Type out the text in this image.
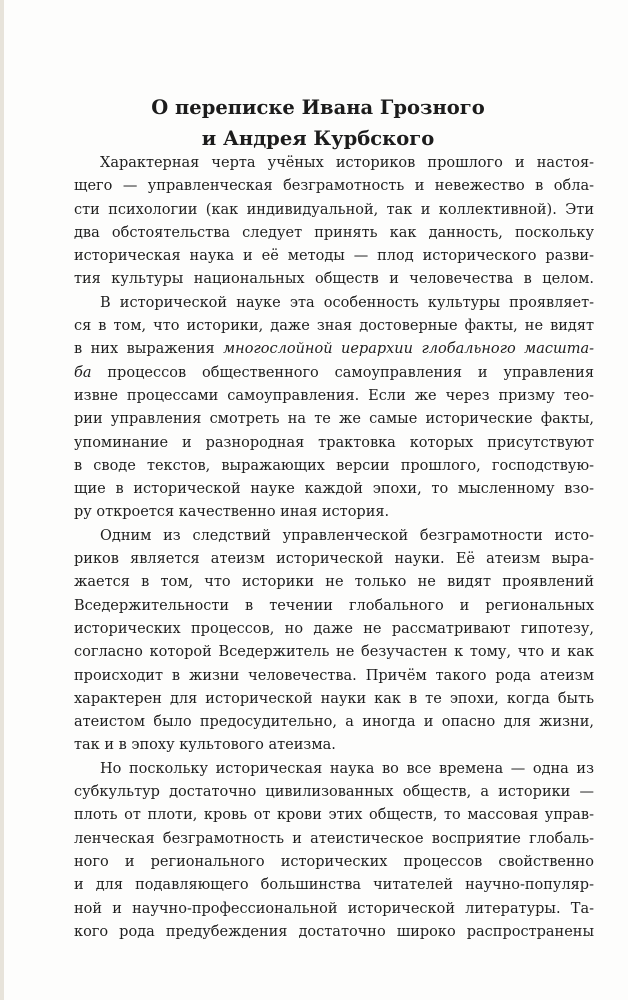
О переписке Ивана Грозного
и Андрея Курбского

Характерная черта учёных историков прошлого и настоя-
щего — управленческая безграмотность и невежество в обла-
сти психологии (как индивидуальной, так и коллективной). Эти
два обстоятельства следует принять как данность, поскольку
историческая наука и её методы — плод исторического разви-
тия культуры национальных обществ и человечества в целом.

В исторической науке эта особенность культуры проявляет-
ся в том, что историки, даже зная достоверные факты, не видят
в них выражения многослойной иерархии глобального масшта-
ба процессов общественного самоуправления и управления
извне процессами самоуправления. Если же через призму тео-
рии управления смотреть на те же самые исторические факты,
упоминание и разнородная трактовка которых присутствуют
в своде текстов, выражающих версии прошлого, господствую-
щие в исторической науке каждой эпохи, то мысленному взо-
ру откроется качественно иная история.

Одним из следствий управленческой безграмотности исто-
риков является атеизм исторической науки. Её атеизм выра-
жается в том, что историки не только не видят проявлений
Вседержительности в течении глобального и региональных
исторических процессов, но даже не рассматривают гипотезу,
согласно которой Вседержитель не безучастен к тому, что и как
происходит в жизни человечества. Причём такого рода атеизм
характерен для исторической науки как в те эпохи, когда быть
атеистом было предосудительно, а иногда и опасно для жизни,
так и в эпоху культового атеизма.

Но поскольку историческая наука во все времена — одна из
субкультур достаточно цивилизованных обществ, а историки —
плоть от плоти, кровь от крови этих обществ, то массовая управ-
ленческая безграмотность и атеистическое восприятие глобаль-
ного и регионального исторических процессов свойственно
и для подавляющего большинства читателей научно-популяр-
ной и научно-профессиональной исторической литературы. Та-
кого рода предубеждения достаточно широко распространены
